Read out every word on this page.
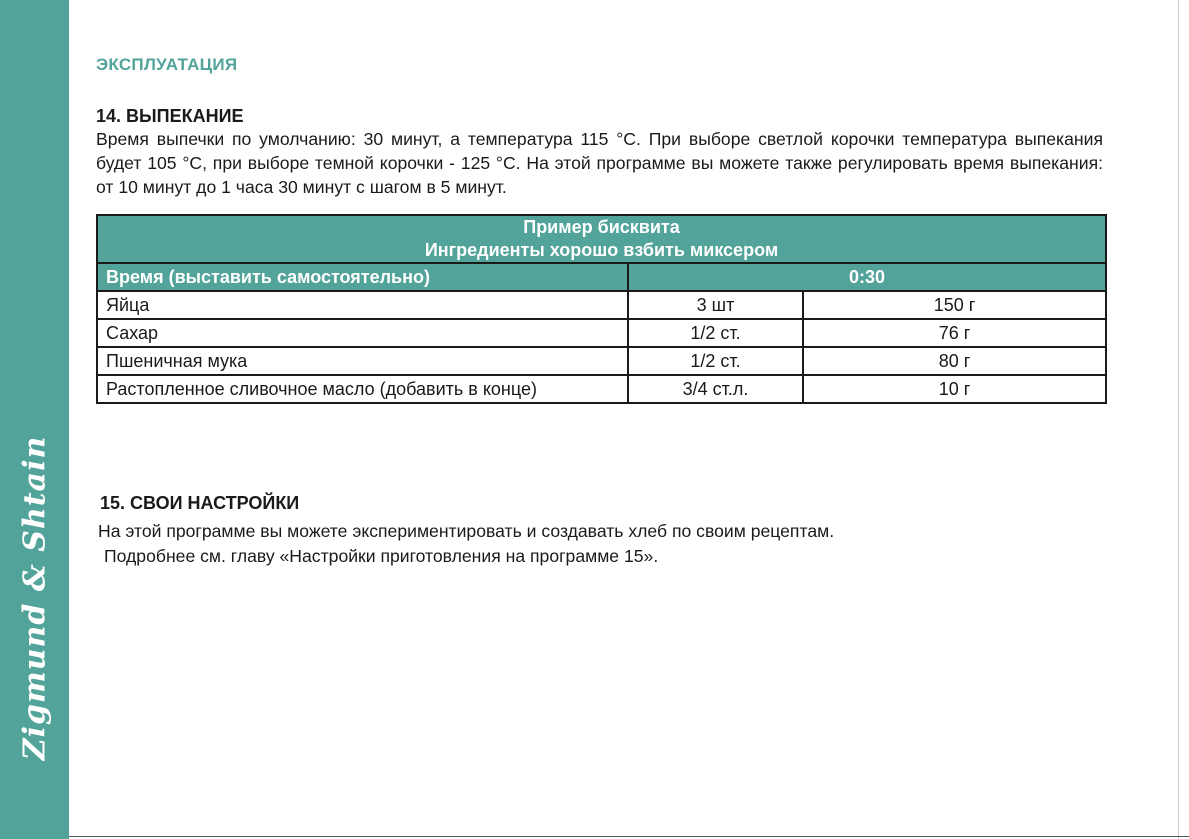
Zigmund & Shtain
ЭКСПЛУАТАЦИЯ
14. ВЫПЕКАНИЕ
Время выпечки по умолчанию: 30 минут, а температура 115 °С. При выборе светлой корочки температура выпекания будет 105 °С, при выборе темной корочки - 125 °С. На этой программе вы можете также регулировать время выпекания: от 10 минут до 1 часа 30 минут с шагом в 5 минут.
Пример бисквита
Ингредиенты хорошо взбить миксером		

Время (выставить самостоятельно)	0:30	
Яйца	3 шт	150 г
Сахар	1/2 ст.	76 г
Пшеничная мука	1/2 ст.	80 г
Растопленное сливочное масло (добавить в конце)	3/4 ст.л.	10 г
15. СВОИ НАСТРОЙКИ
На этой программе вы можете экспериментировать и создавать хлеб по своим рецептам.
Подробнее см. главу «Настройки приготовления на программе 15».
